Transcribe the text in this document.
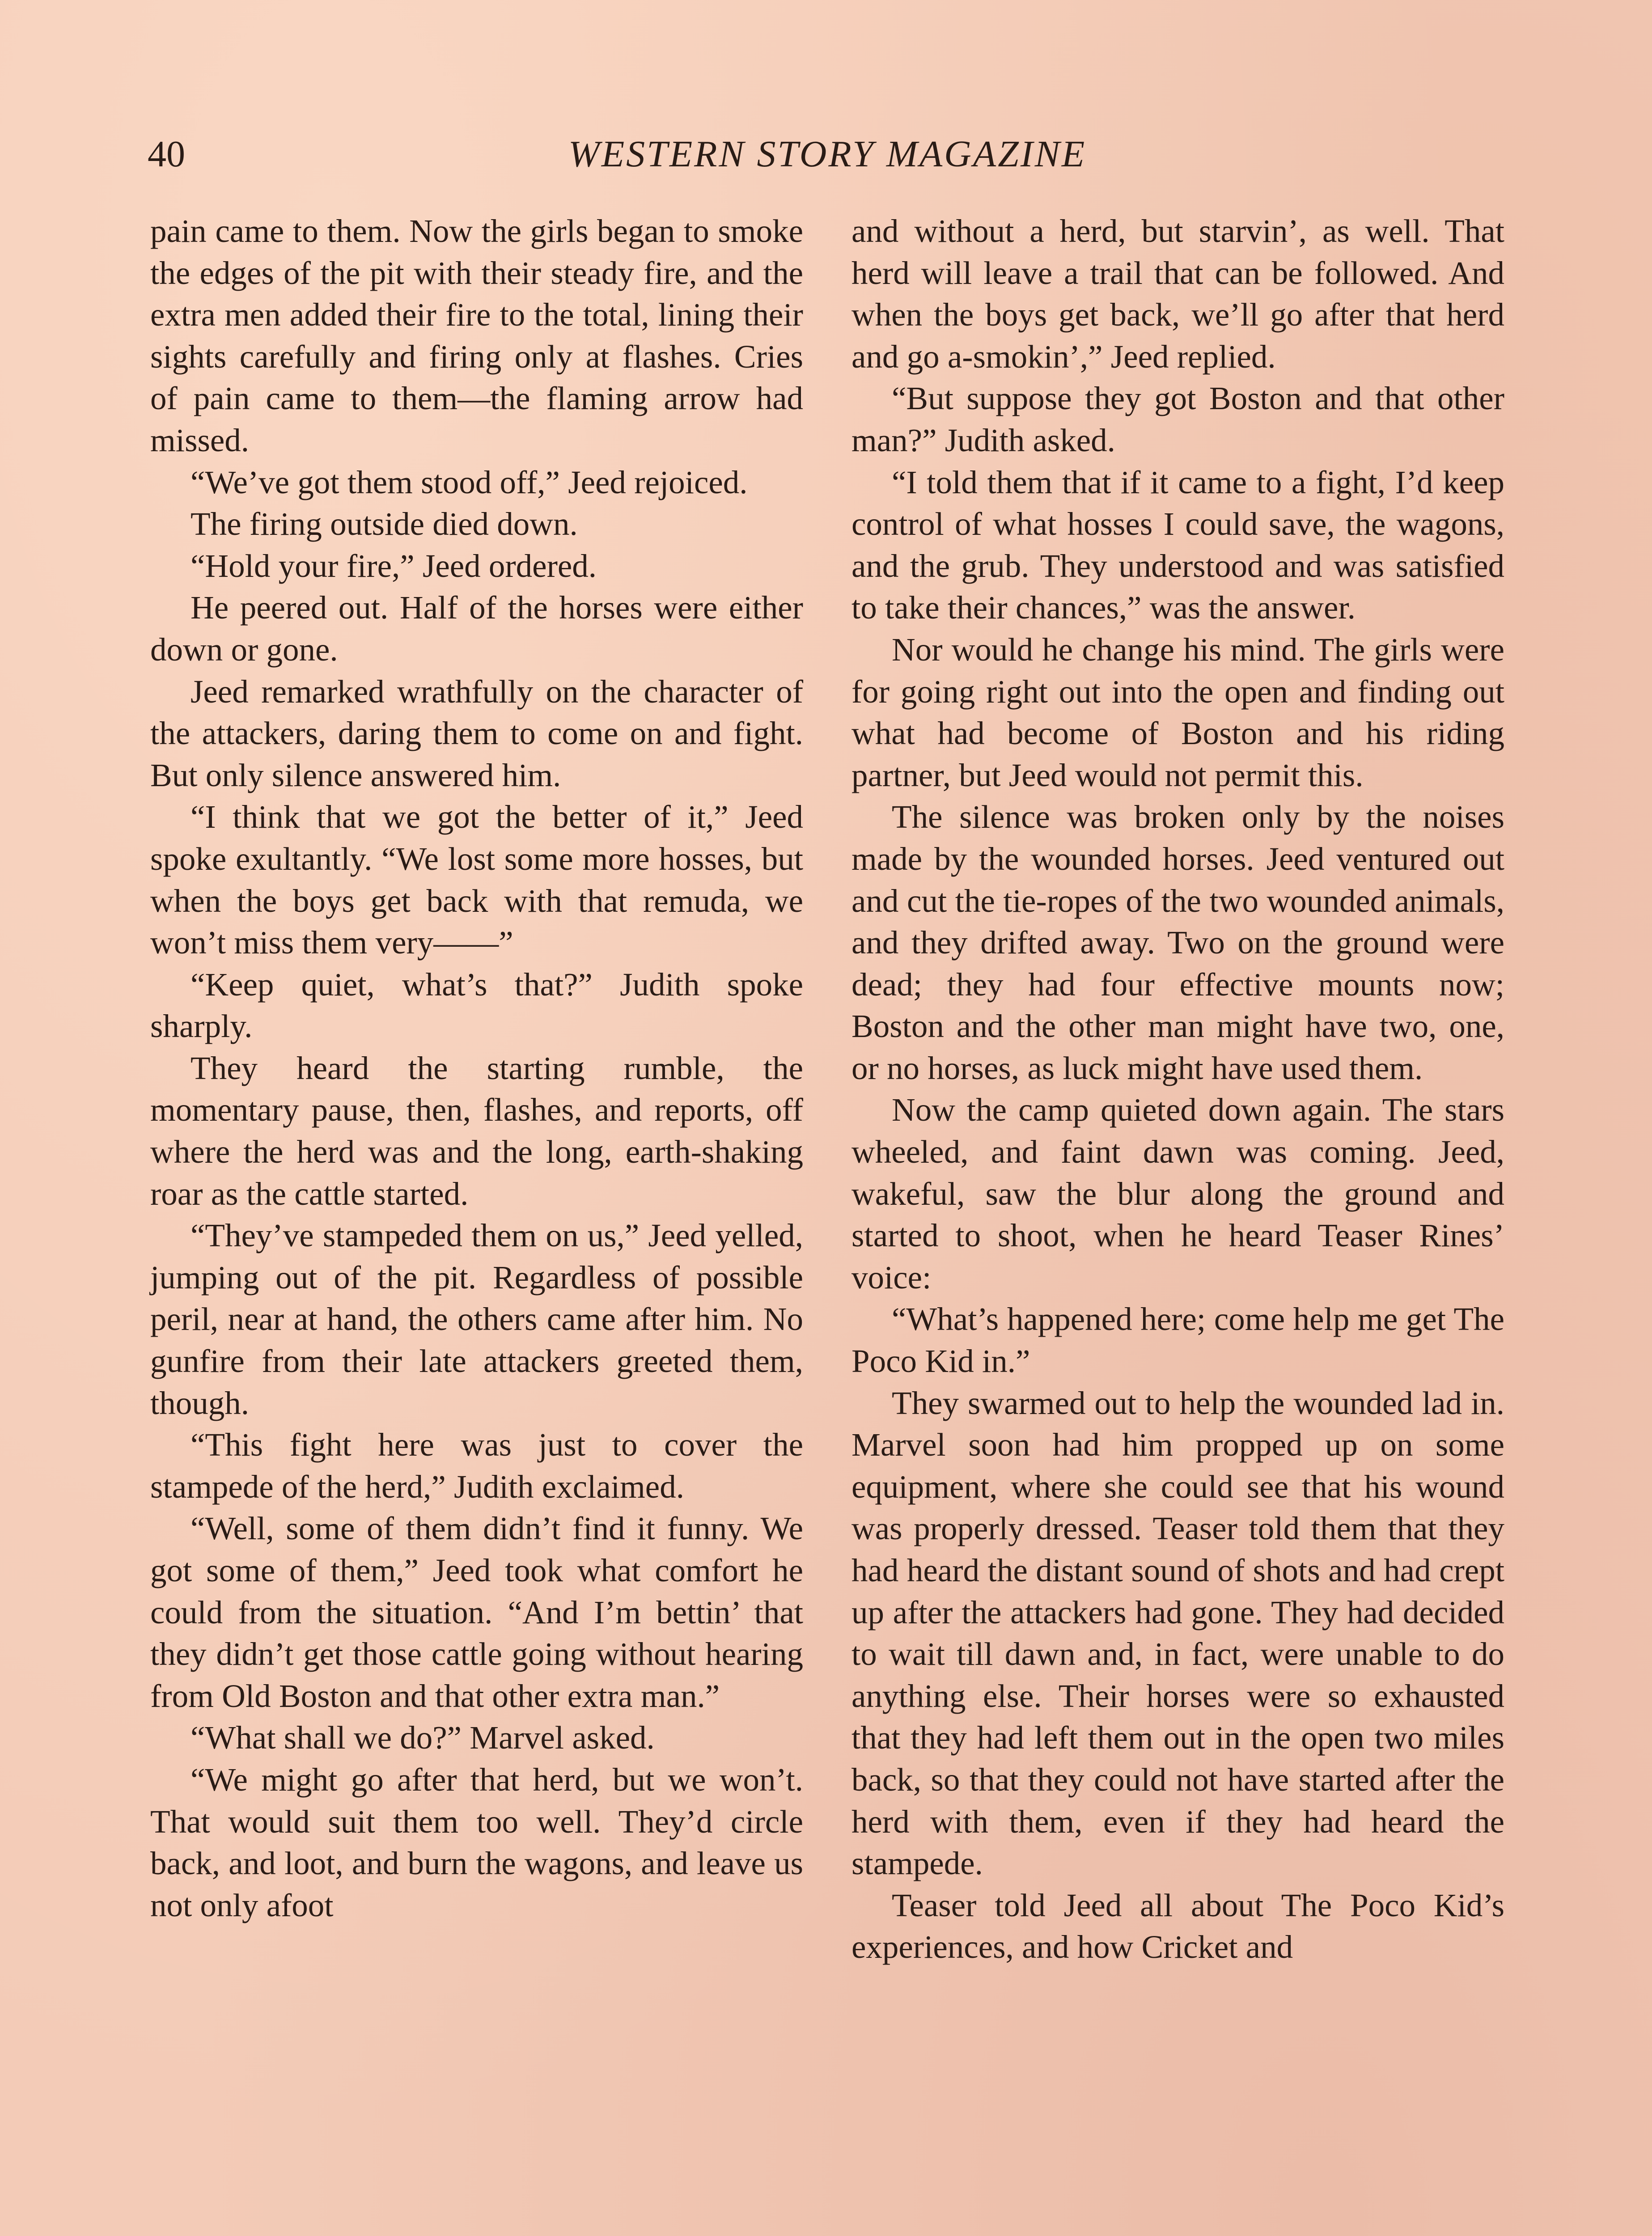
40	WESTERN STORY MAGAZINE

pain came to them. Now the girls began to smoke the edges of the pit with their steady fire, and the extra men added their fire to the total, lining their sights carefully and firing only at flashes. Cries of pain came to them—the flaming arrow had missed.

“We’ve got them stood off,” Jeed rejoiced.

The firing outside died down.

“Hold your fire,” Jeed ordered.

He peered out. Half of the horses were either down or gone.

Jeed remarked wrathfully on the character of the attackers, daring them to come on and fight. But only silence answered him.

“I think that we got the better of it,” Jeed spoke exultantly. “We lost some more hosses, but when the boys get back with that remuda, we won’t miss them very——”

“Keep quiet, what’s that?” Judith spoke sharply.

They heard the starting rumble, the momentary pause, then, flashes, and reports, off where the herd was and the long, earth-shaking roar as the cattle started.

“They’ve stampeded them on us,” Jeed yelled, jumping out of the pit. Regardless of possible peril, near at hand, the others came after him. No gunfire from their late attackers greeted them, though.

“This fight here was just to cover the stampede of the herd,” Judith exclaimed.

“Well, some of them didn’t find it funny. We got some of them,” Jeed took what comfort he could from the situation. “And I’m bettin’ that they didn’t get those cattle going without hearing from Old Boston and that other extra man.”

“What shall we do?” Marvel asked.

“We might go after that herd, but we won’t. That would suit them too well. They’d circle back, and loot, and burn the wagons, and leave us not only afoot

and without a herd, but starvin’, as well. That herd will leave a trail that can be followed. And when the boys get back, we’ll go after that herd and go a-smokin’,” Jeed replied.

“But suppose they got Boston and that other man?” Judith asked.

“I told them that if it came to a fight, I’d keep control of what hosses I could save, the wagons, and the grub. They understood and was satisfied to take their chances,” was the answer.

Nor would he change his mind. The girls were for going right out into the open and finding out what had become of Boston and his riding partner, but Jeed would not permit this.

The silence was broken only by the noises made by the wounded horses. Jeed ventured out and cut the tie-ropes of the two wounded animals, and they drifted away. Two on the ground were dead; they had four effective mounts now; Boston and the other man might have two, one, or no horses, as luck might have used them.

Now the camp quieted down again. The stars wheeled, and faint dawn was coming. Jeed, wakeful, saw the blur along the ground and started to shoot, when he heard Teaser Rines’ voice:

“What’s happened here; come help me get The Poco Kid in.”

They swarmed out to help the wounded lad in. Marvel soon had him propped up on some equipment, where she could see that his wound was properly dressed. Teaser told them that they had heard the distant sound of shots and had crept up after the attackers had gone. They had decided to wait till dawn and, in fact, were unable to do anything else. Their horses were so exhausted that they had left them out in the open two miles back, so that they could not have started after the herd with them, even if they had heard the stampede.

Teaser told Jeed all about The Poco Kid’s experiences, and how Cricket and
